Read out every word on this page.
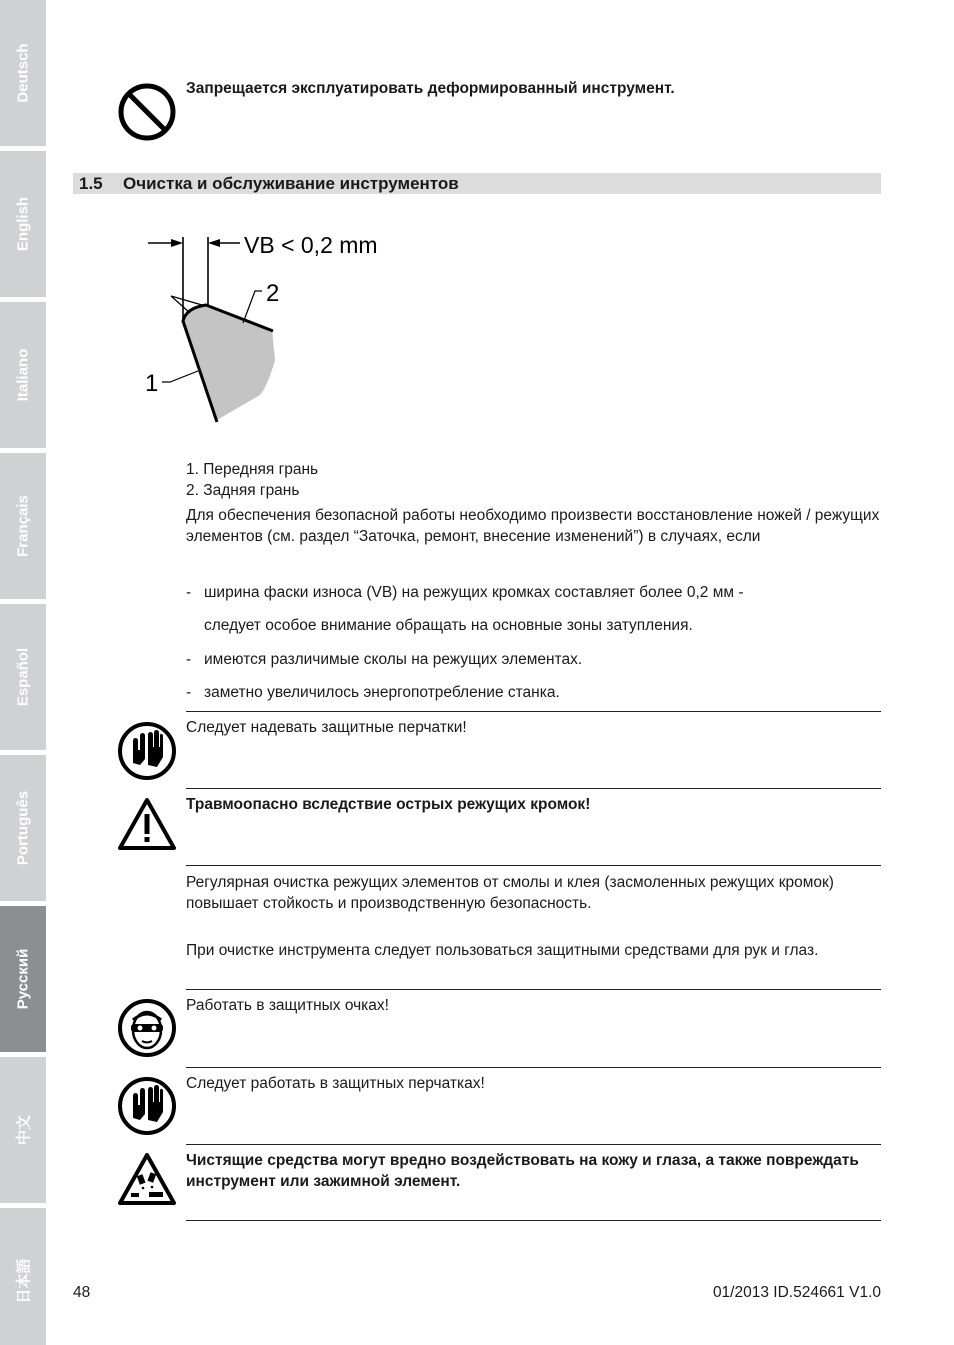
Deutsch
English
Italiano
Français
Español
Português
Русский
中文
日本語
Запрещается эксплуатировать деформированный инструмент.
1.5 Очистка и обслуживание инструментов
VB < 0,2 mm
2
1
1. Передняя грань
2. Задняя грань
Для обеспечения безопасной работы необходимо произвести восстановление ножей / режущих элементов (см. раздел “Заточка, ремонт, внесение изменений”) в случаях, если
- ширина фаски износа (VB) на режущих кромках составляет более 0,2 мм -
следует особое внимание обращать на основные зоны затупления.
- имеются различимые сколы на режущих элементах.
- заметно увеличилось энергопотребление станка.
Следует надевать защитные перчатки!
Травмоопасно вследствие острых режущих кромок!
Регулярная очистка режущих элементов от смолы и клея (засмоленных режущих кромок) повышает стойкость и производственную безопасность.
При очистке инструмента следует пользоваться защитными средствами для рук и глаз.
Работать в защитных очках!
Следует работать в защитных перчатках!
Чистящие средства могут вредно воздействовать на кожу и глаза, а также повреждать инструмент или зажимной элемент.
48	01/2013 ID.524661 V1.0
